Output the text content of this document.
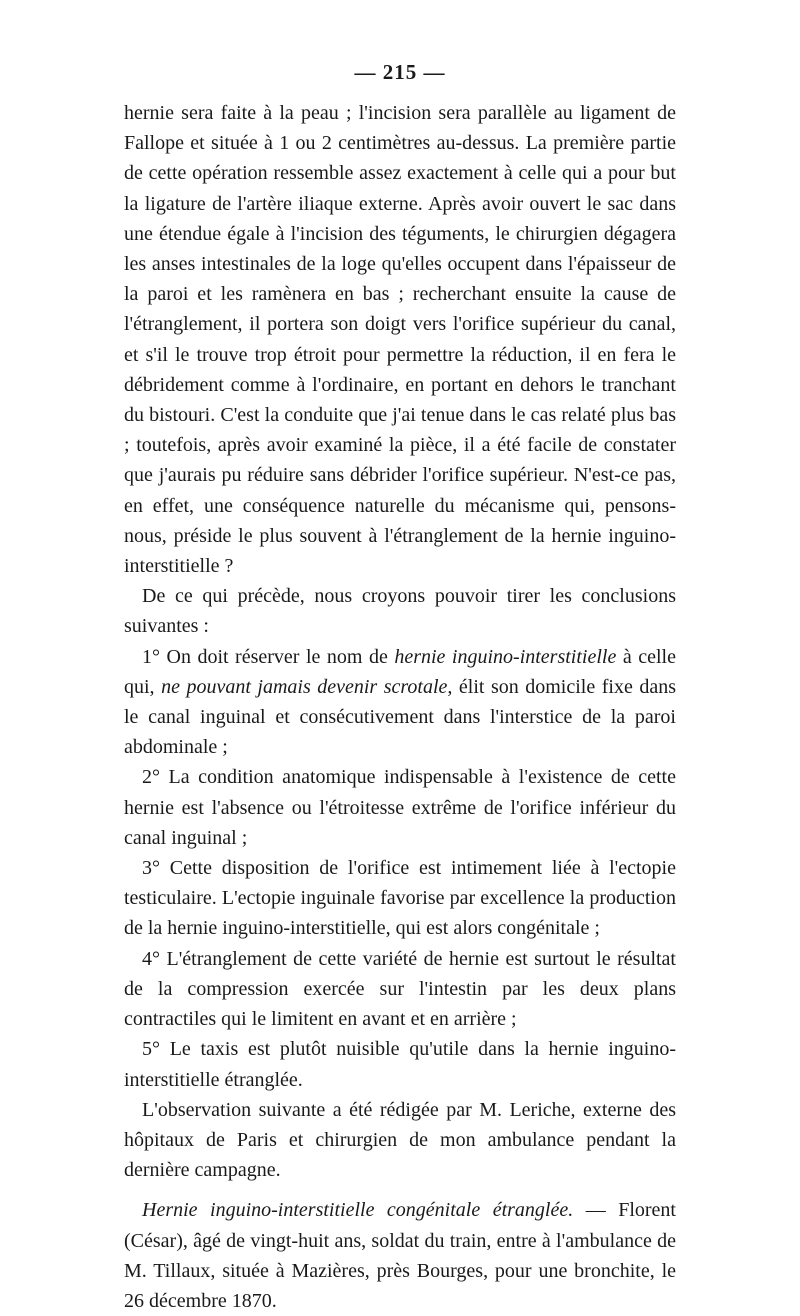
— 215 —

hernie sera faite à la peau ; l'incision sera parallèle au ligament de Fallope et située à 1 ou 2 centimètres au-dessus. La première partie de cette opération ressemble assez exactement à celle qui a pour but la ligature de l'artère iliaque externe. Après avoir ouvert le sac dans une étendue égale à l'incision des téguments, le chirurgien dégagera les anses intestinales de la loge qu'elles occupent dans l'épaisseur de la paroi et les ramènera en bas ; recherchant ensuite la cause de l'étranglement, il portera son doigt vers l'orifice supérieur du canal, et s'il le trouve trop étroit pour permettre la réduction, il en fera le débridement comme à l'ordinaire, en portant en dehors le tranchant du bistouri. C'est la conduite que j'ai tenue dans le cas relaté plus bas ; toutefois, après avoir examiné la pièce, il a été facile de constater que j'aurais pu réduire sans débrider l'orifice supérieur. N'est-ce pas, en effet, une conséquence naturelle du mécanisme qui, pensons-nous, préside le plus souvent à l'étranglement de la hernie inguino-interstitielle ?

De ce qui précède, nous croyons pouvoir tirer les conclusions suivantes :

1° On doit réserver le nom de hernie inguino-interstitielle à celle qui, ne pouvant jamais devenir scrotale, élit son domicile fixe dans le canal inguinal et consécutivement dans l'interstice de la paroi abdominale ;

2° La condition anatomique indispensable à l'existence de cette hernie est l'absence ou l'étroitesse extrême de l'orifice inférieur du canal inguinal ;

3° Cette disposition de l'orifice est intimement liée à l'ectopie testiculaire. L'ectopie inguinale favorise par excellence la production de la hernie inguino-interstitielle, qui est alors congénitale ;

4° L'étranglement de cette variété de hernie est surtout le résultat de la compression exercée sur l'intestin par les deux plans contractiles qui le limitent en avant et en arrière ;

5° Le taxis est plutôt nuisible qu'utile dans la hernie inguino-interstitielle étranglée.

L'observation suivante a été rédigée par M. Leriche, externe des hôpitaux de Paris et chirurgien de mon ambulance pendant la dernière campagne.

Hernie inguino-interstitielle congénitale étranglée. — Florent (César), âgé de vingt-huit ans, soldat du train, entre à l'ambulance de M. Tillaux, située à Mazières, près Bourges, pour une bronchite, le 26 décembre 1870.
